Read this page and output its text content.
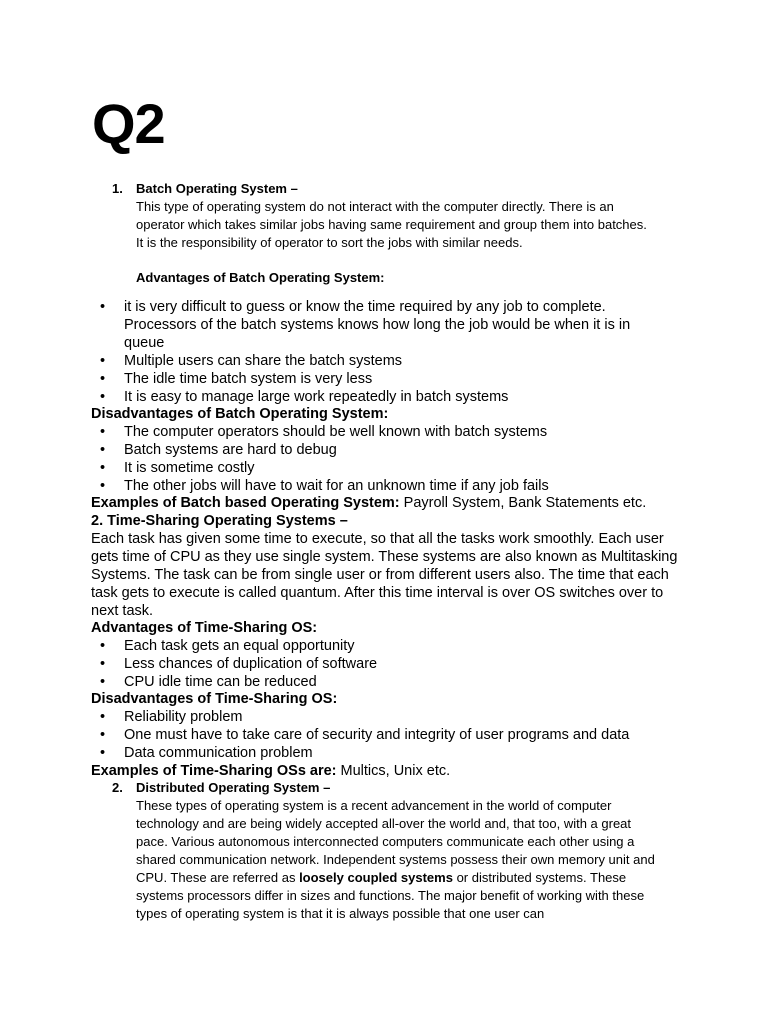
Q2
1. Batch Operating System –
This type of operating system do not interact with the computer directly. There is an operator which takes similar jobs having same requirement and group them into batches. It is the responsibility of operator to sort the jobs with similar needs.
Advantages of Batch Operating System:
• it is very difficult to guess or know the time required by any job to complete. Processors of the batch systems knows how long the job would be when it is in queue
• Multiple users can share the batch systems
• The idle time batch system is very less
• It is easy to manage large work repeatedly in batch systems
Disadvantages of Batch Operating System:
• The computer operators should be well known with batch systems
• Batch systems are hard to debug
• It is sometime costly
• The other jobs will have to wait for an unknown time if any job fails
Examples of Batch based Operating System: Payroll System, Bank Statements etc.
2. Time-Sharing Operating Systems –
Each task has given some time to execute, so that all the tasks work smoothly. Each user gets time of CPU as they use single system. These systems are also known as Multitasking Systems. The task can be from single user or from different users also. The time that each task gets to execute is called quantum. After this time interval is over OS switches over to next task.
Advantages of Time-Sharing OS:
• Each task gets an equal opportunity
• Less chances of duplication of software
• CPU idle time can be reduced
Disadvantages of Time-Sharing OS:
• Reliability problem
• One must have to take care of security and integrity of user programs and data
• Data communication problem
Examples of Time-Sharing OSs are: Multics, Unix etc.
2. Distributed Operating System –
These types of operating system is a recent advancement in the world of computer technology and are being widely accepted all-over the world and, that too, with a great pace. Various autonomous interconnected computers communicate each other using a shared communication network. Independent systems possess their own memory unit and CPU. These are referred as loosely coupled systems or distributed systems. These systems processors differ in sizes and functions. The major benefit of working with these types of operating system is that it is always possible that one user can
